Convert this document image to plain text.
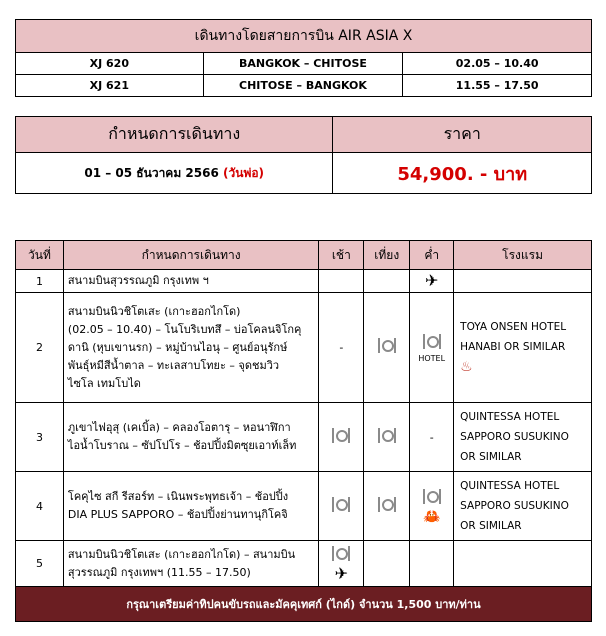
เดินทางโดยสายการบิน AIR ASIA X		
XJ 620	BANGKOK – CHITOSE	02.05 – 10.40
XJ 621	CHITOSE – BANGKOK	11.55 – 17.50
กำหนดการเดินทาง	ราคา
01 – 05 ธันวาคม 2566 (วันพ่อ)	54,900. - บาท
วันที่	กำหนดการเดินทาง	เช้า	เที่ยง	ค่ำ	โรงแรม
1	สนามบินสุวรรณภูมิ กรุงเทพ ฯ			✈	
2	สนามบินนิวชิโตเสะ (เกาะฮอกไกโด)
(02.05 – 10.40) – โนโบริเบทสึ – บ่อโคลนจิโกคุ
ดานิ (หุบเขานรก) – หมู่บ้านไอนุ – ศูนย์อนุรักษ์
พันธุ์หมีสีน้ำตาล – ทะเลสาบโทยะ – จุดชมวิว
ไซโล เทมโบได	-		HOTEL	TOYA ONSEN HOTEL
HANABI OR SIMILAR
♨
3	ภูเขาไฟอุสุ (เคเบิ้ล) – คลองโอตารุ – หอนาฬิกา
ไอน้ำโบราณ – ซัปโปโร – ช้อปปิ้งมิตซุยเอาท์เล็ท			-	QUINTESSA HOTEL
SAPPORO SUSUKINO
OR SIMILAR
4	โคคุไซ สกี รีสอร์ท – เนินพระพุทธเจ้า – ช้อปปิ้ง
DIA PLUS SAPPORO – ช้อปปิ้งย่านทานุกิโคจิ			🦀	QUINTESSA HOTEL
SAPPORO SUSUKINO
OR SIMILAR
5	สนามบินนิวชิโตเสะ (เกาะฮอกไกโด) – สนามบิน
สุวรรณภูมิ กรุงเทพฯ (11.55 – 17.50)	✈			
กรุณาเตรียมค่าทิปคนขับรถและมัคคุเทศก์ (ไกด์) จำนวน 1,500 บาท/ท่าน					
